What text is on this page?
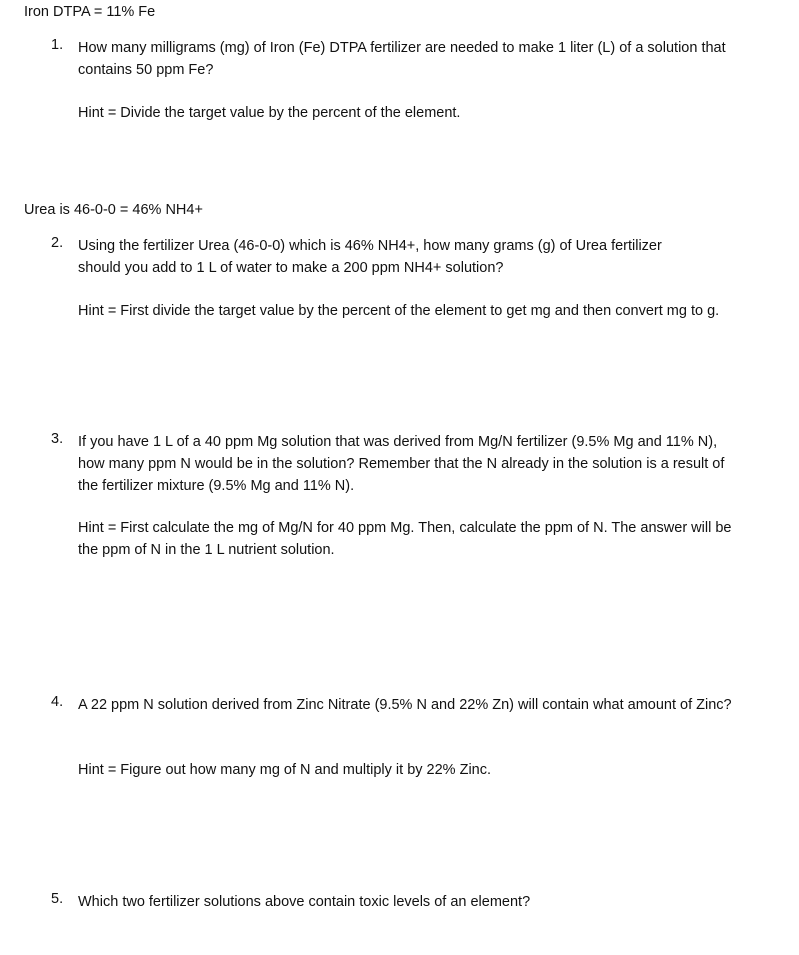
Iron DTPA = 11% Fe
1. How many milligrams (mg) of Iron (Fe) DTPA fertilizer are needed to make 1 liter (L) of a solution that contains 50 ppm Fe?
Hint = Divide the target value by the percent of the element.
Urea is 46-0-0 = 46% NH4+
2. Using the fertilizer Urea (46-0-0) which is 46% NH4+, how many grams (g) of Urea fertilizer should you add to 1 L of water to make a 200 ppm NH4+ solution?
Hint = First divide the target value by the percent of the element to get mg and then convert mg to g.
3. If you have 1 L of a 40 ppm Mg solution that was derived from Mg/N fertilizer (9.5% Mg and 11% N), how many ppm N would be in the solution? Remember that the N already in the solution is a result of the fertilizer mixture (9.5% Mg and 11% N).
Hint = First calculate the mg of Mg/N for 40 ppm Mg. Then, calculate the ppm of N. The answer will be the ppm of N in the 1 L nutrient solution.
4. A 22 ppm N solution derived from Zinc Nitrate (9.5% N and 22% Zn) will contain what amount of Zinc?
Hint = Figure out how many mg of N and multiply it by 22% Zinc.
5. Which two fertilizer solutions above contain toxic levels of an element?
